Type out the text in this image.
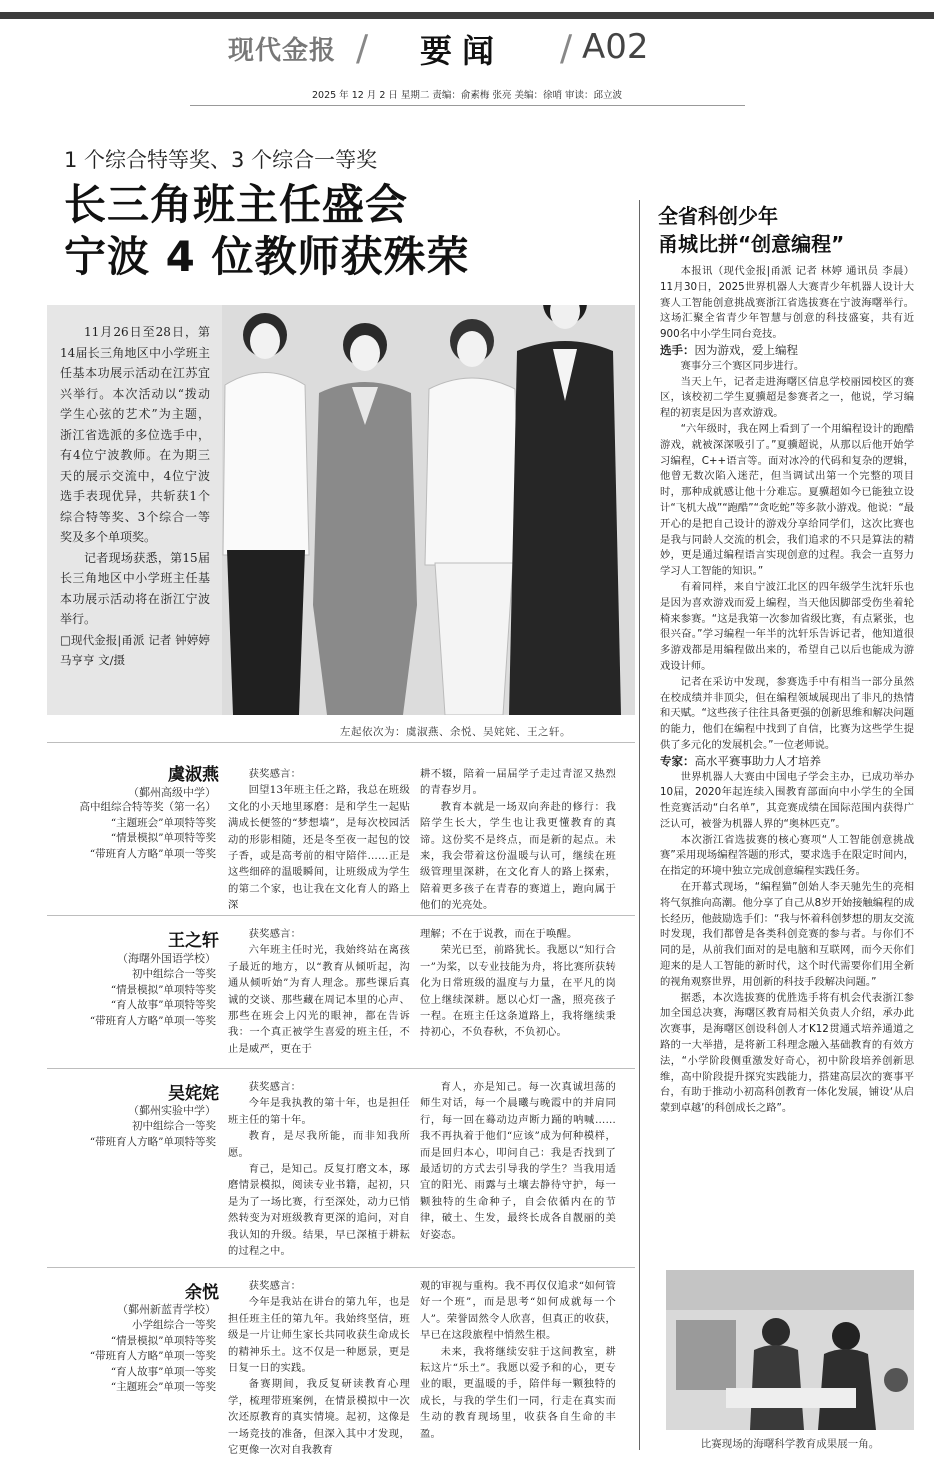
现代金报 / 要闻 / A02
2025 年 12 月 2 日 星期二 责编：俞素梅 张亮 美编：徐哨 审读：邱立波
1 个综合特等奖、3 个综合一等奖
长三角班主任盛会
宁波 4 位教师获殊荣

11月26日至28日，第14届长三角地区中小学班主任基本功展示活动在江苏宜兴举行。本次活动以“拨动学生心弦的艺术”为主题，浙江省选派的多位选手中，有4位宁波教师。在为期三天的展示交流中，4位宁波选手表现优异，共斩获1个综合特等奖、3个综合一等奖及多个单项奖。

记者现场获悉，第15届长三角地区中小学班主任基本功展示活动将在浙江宁波举行。

□现代金报|甬派 记者 钟婷婷 马亨亨 文/摄

左起依次为：虞淑燕、余悦、吴姹姹、王之轩。
虞淑燕
（鄞州高级中学）
高中组综合特等奖（第一名）
“主题班会”单项特等奖
“情景模拟”单项特等奖
“带班育人方略”单项一等奖

获奖感言：

回望13年班主任之路，我总在班级文化的小天地里琢磨：是和学生一起贴满成长便签的“梦想墙”，是每次校园活动的形影相随，还是冬至夜一起包的饺子香，或是高考前的相守陪伴……正是这些细碎的温暖瞬间，让班级成为学生的第二个家，也让我在文化育人的路上深

耕不辍，陪着一届届学子走过青涩又热烈的青春岁月。

教育本就是一场双向奔赴的修行：我陪学生长大，学生也让我更懂教育的真谛。这份奖不是终点，而是新的起点。未来，我会带着这份温暖与认可，继续在班级管理里深耕，在文化育人的路上探索，陪着更多孩子在青春的赛道上，跑向属于他们的光亮处。

王之轩
（海曙外国语学校）
初中组综合一等奖
“情景模拟”单项特等奖
“育人故事”单项特等奖
“带班育人方略”单项一等奖

获奖感言：

六年班主任时光，我始终站在离孩子最近的地方，以“教育从倾听起，沟通从倾听始”为育人理念。那些课后真诚的交谈、那些藏在周记本里的心声、那些在班会上闪光的眼神，都在告诉我：一个真正被学生喜爱的班主任，不止是威严，更在于

理解；不在于说教，而在于唤醒。

荣光已至，前路犹长。我愿以“知行合一”为桨，以专业技能为舟，将比赛所获转化为日常班级的温度与力量，在平凡的岗位上继续深耕。愿以心灯一盏，照亮孩子一程。在班主任这条道路上，我将继续秉持初心，不负春秋，不负初心。

吴姹姹
（鄞州实验中学）
初中组综合一等奖
“带班育人方略”单项特等奖

获奖感言：

今年是我执教的第十年，也是担任班主任的第十年。

教育，是尽我所能，而非知我所愿。

育己，是知己。反复打磨文本，琢磨情景模拟，阅读专业书籍，起初，只是为了一场比赛，行至深处，动力已悄然转变为对班级教育更深的追问，对自我认知的升级。结果，早已深植于耕耘的过程之中。

育人，亦是知己。每一次真诚坦荡的师生对话，每一个晨曦与晚霞中的并肩同行，每一回在蓦动边声断力踊的呐喊……我不再执着于他们“应该”成为何种模样，而是回归本心，叩问自己：我是否找到了最适切的方式去引导我的学生？当我用适宜的阳光、雨露与土壤去静待守护，每一颗独特的生命种子，自会依循内在的节律，破土、生发，最终长成各自靓丽的美好姿态。

余悦
（鄞州新蓝青学校）
小学组综合一等奖
“情景模拟”单项特等奖
“带班育人方略”单项一等奖
“育人故事”单项一等奖
“主题班会”单项一等奖

获奖感言：

今年是我站在讲台的第九年，也是担任班主任的第九年。我始终坚信，班级是一片让师生家长共同收获生命成长的精神乐土。这不仅是一种愿景，更是日复一日的实践。

备赛期间，我反复研读教育心理学，梳理带班案例，在情景模拟中一次次还原教育的真实情境。起初，这像是一场竞技的准备，但深入其中才发现，它更像一次对自我教育

观的审视与重构。我不再仅仅追求“如何管好一个班”，而是思考“如何成就每一个人”。荣誉固然令人欣喜，但真正的收获，早已在这段旅程中悄然生根。

未来，我将继续安驻于这间教室，耕耘这片“乐土”。我愿以爱予和的心，更专业的眼，更温暖的手，陪伴每一颗独特的成长，与我的学生们一同，行走在真实而生动的教育现场里，收获各自生命的丰盈。

全省科创少年
甬城比拼“创意编程”

本报讯（现代金报|甬派 记者 林婷 通讯员 李晨）11月30日，2025世界机器人大赛青少年机器人设计大赛人工智能创意挑战赛浙江省选拔赛在宁波海曙举行。这场汇聚全省青少年智慧与创意的科技盛宴，共有近900名中小学生同台竞技。

选手：因为游戏，爱上编程

赛事分三个赛区同步进行。

当天上午，记者走进海曙区信息学校丽园校区的赛区，该校初二学生夏骥超是参赛者之一，他说，学习编程的初衷是因为喜欢游戏。

“六年级时，我在网上看到了一个用编程设计的跑酷游戏，就被深深吸引了。”夏骥超说，从那以后他开始学习编程，C++语言等。面对冰冷的代码和复杂的逻辑，他曾无数次陷入迷茫，但当调试出第一个完整的项目时，那种成就感让他十分难忘。夏骥超如今已能独立设计“飞机大战”“跑酷”“贪吃蛇”等多款小游戏。他说：“最开心的是把自己设计的游戏分享给同学们，这次比赛也是我与同龄人交流的机会，我们追求的不只是算法的精妙，更是通过编程语言实现创意的过程。我会一直努力学习人工智能的知识。”

有着同样，来自宁波江北区的四年级学生沈轩乐也是因为喜欢游戏而爱上编程，当天他因脚部受伤坐着轮椅来参赛。“这是我第一次参加省级比赛，有点紧张，也很兴奋。”学习编程一年半的沈轩乐告诉记者，他知道很多游戏都是用编程做出来的，希望自己以后也能成为游戏设计师。

记者在采访中发现，参赛选手中有相当一部分虽然在校成绩并非顶尖，但在编程领域展现出了非凡的热情和天赋。“这些孩子往往具备更强的创新思维和解决问题的能力，他们在编程中找到了自信，比赛为这些学生提供了多元化的发展机会。”一位老师说。

专家：高水平赛事助力人才培养

世界机器人大赛由中国电子学会主办，已成功举办10届，2020年起连续入围教育部面向中小学生的全国性竞赛活动“白名单”，其竞赛成绩在国际范围内获得广泛认可，被誉为机器人界的“奥林匹克”。

本次浙江省选拔赛的核心赛项“人工智能创意挑战赛”采用现场编程答题的形式，要求选手在限定时间内，在指定的环境中独立完成创意编程实践任务。

在开幕式现场，“编程猫”创始人李天驰先生的亮相将气氛推向高潮。他分享了自己从8岁开始接触编程的成长经历，他鼓励选手们：“我与怀着科创梦想的朋友交流时发现，我们都曾是各类科创竞赛的参与者。与你们不同的是，从前我们面对的是电脑和互联网，而今天你们迎来的是人工智能的新时代，这个时代需要你们用全新的视角观察世界，用创新的科技手段解决问题。”

据悉，本次选拔赛的优胜选手将有机会代表浙江参加全国总决赛，海曙区教育局相关负责人介绍，承办此次赛事，是海曙区创设科创人才K12贯通式培养通道之路的一大举措，是将新工科理念融入基础教育的有效方法，“小学阶段侧重激发好奇心，初中阶段培养创新思维，高中阶段提升探究实践能力，搭建高层次的赛事平台，有助于推动小初高科创教育一体化发展，铺设‘从启蒙到卓越’的科创成长之路”。

比赛现场的海曙科学教育成果展一角。
